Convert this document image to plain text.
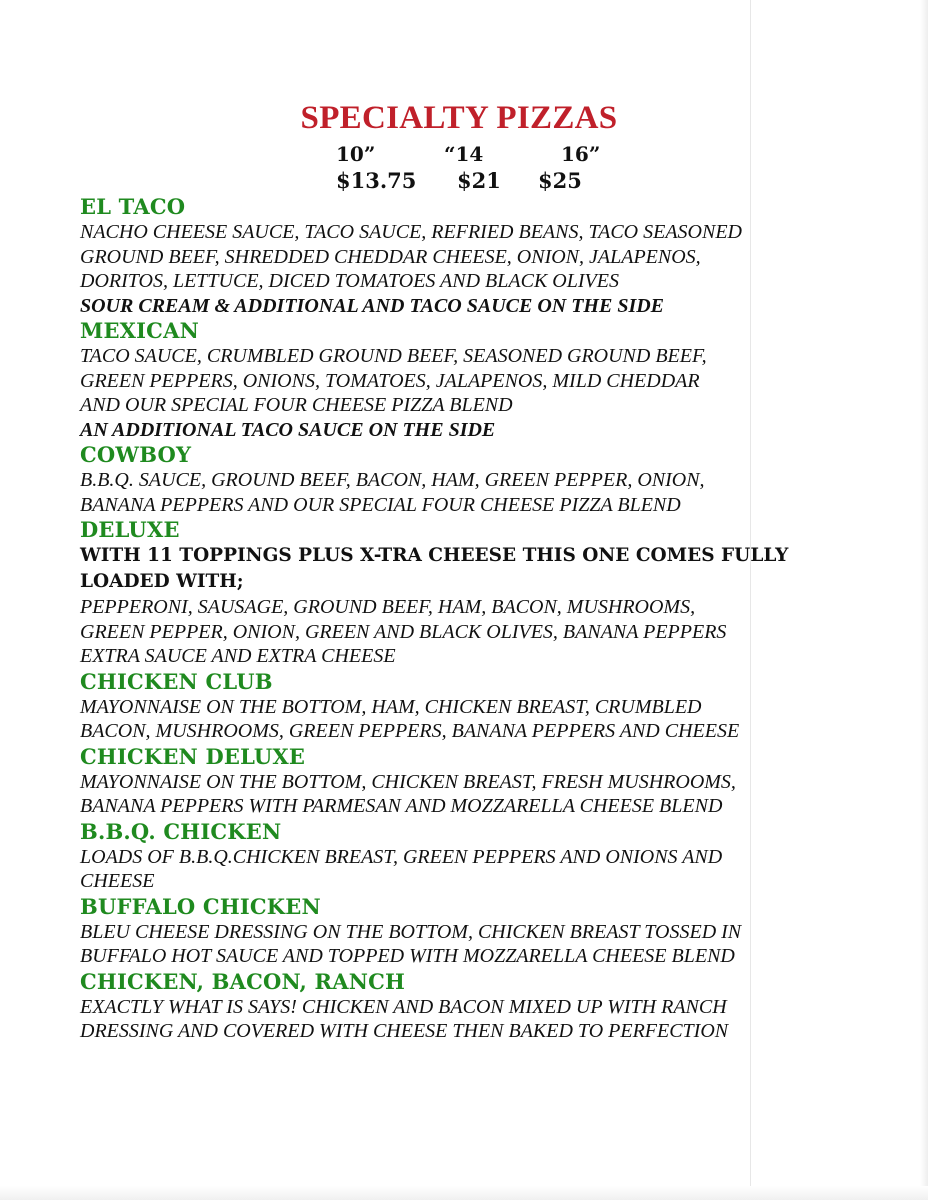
SPECIALTY PIZZAS
10”	“14	16”
$13.75 $21 $25
EL TACO
NACHO CHEESE SAUCE, TACO SAUCE, REFRIED BEANS, TACO SEASONED
GROUND BEEF, SHREDDED CHEDDAR CHEESE, ONION, JALAPENOS,
DORITOS, LETTUCE, DICED TOMATOES AND BLACK OLIVES
SOUR CREAM & ADDITIONAL AND TACO SAUCE ON THE SIDE
MEXICAN
TACO SAUCE, CRUMBLED GROUND BEEF, SEASONED GROUND BEEF,
GREEN PEPPERS, ONIONS, TOMATOES, JALAPENOS, MILD CHEDDAR
AND OUR SPECIAL FOUR CHEESE PIZZA BLEND
AN ADDITIONAL TACO SAUCE ON THE SIDE
COWBOY
B.B.Q. SAUCE, GROUND BEEF, BACON, HAM, GREEN PEPPER, ONION,
BANANA PEPPERS AND OUR SPECIAL FOUR CHEESE PIZZA BLEND
DELUXE
WITH 11 TOPPINGS PLUS X-TRA CHEESE THIS ONE COMES FULLY
LOADED WITH;
PEPPERONI, SAUSAGE, GROUND BEEF, HAM, BACON, MUSHROOMS,
GREEN PEPPER, ONION, GREEN AND BLACK OLIVES, BANANA PEPPERS
EXTRA SAUCE AND EXTRA CHEESE
CHICKEN CLUB
MAYONNAISE ON THE BOTTOM, HAM, CHICKEN BREAST, CRUMBLED
BACON, MUSHROOMS, GREEN PEPPERS, BANANA PEPPERS AND CHEESE
CHICKEN DELUXE
MAYONNAISE ON THE BOTTOM, CHICKEN BREAST, FRESH MUSHROOMS,
BANANA PEPPERS WITH PARMESAN AND MOZZARELLA CHEESE BLEND
B.B.Q. CHICKEN
LOADS OF B.B.Q.CHICKEN BREAST, GREEN PEPPERS AND ONIONS AND
CHEESE
BUFFALO CHICKEN
BLEU CHEESE DRESSING ON THE BOTTOM, CHICKEN BREAST TOSSED IN
BUFFALO HOT SAUCE AND TOPPED WITH MOZZARELLA CHEESE BLEND
CHICKEN, BACON, RANCH
EXACTLY WHAT IS SAYS! CHICKEN AND BACON MIXED UP WITH RANCH
DRESSING AND COVERED WITH CHEESE THEN BAKED TO PERFECTION
